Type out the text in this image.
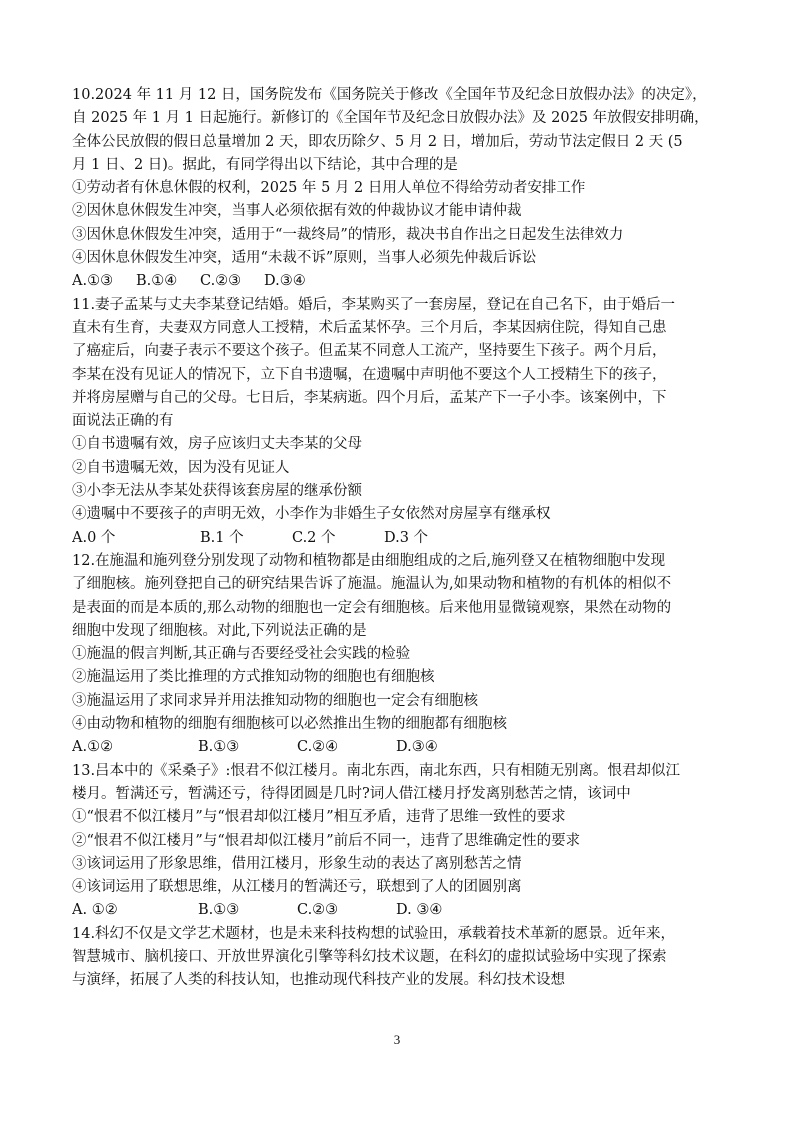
10.2024 年 11 月 12 日，国务院发布《国务院关于修改《全国年节及纪念日放假办法》的决定》，
自 2025 年 1 月 1 日起施行。新修订的《全国年节及纪念日放假办法》及 2025 年放假安排明确，
全体公民放假的假日总量增加 2 天，即农历除夕、5 月 2 日，增加后，劳动节法定假日 2 天 (5
月 1 日、2 日)。据此，有同学得出以下结论，其中合理的是
①劳动者有休息休假的权利，2025 年 5 月 2 日用人单位不得给劳动者安排工作
②因休息休假发生冲突，当事人必须依据有效的仲裁协议才能申请仲裁
③因休息休假发生冲突，适用于“一裁终局”的情形，裁决书自作出之日起发生法律效力
④因休息休假发生冲突，适用“未裁不诉”原则，当事人必须先仲裁后诉讼
A.①③	B.①④	C.②③	D.③④
11.妻子孟某与丈夫李某登记结婚。婚后，李某购买了一套房屋，登记在自己名下，由于婚后一
直未有生育，夫妻双方同意人工授精，术后孟某怀孕。三个月后，李某因病住院，得知自己患
了癌症后，向妻子表示不要这个孩子。但孟某不同意人工流产，坚持要生下孩子。两个月后，
李某在没有见证人的情况下，立下自书遗嘱，在遗嘱中声明他不要这个人工授精生下的孩子，
并将房屋赠与自己的父母。七日后，李某病逝。四个月后，孟某产下一子小李。该案例中，下
面说法正确的有
①自书遗嘱有效，房子应该归丈夫李某的父母
②自书遗嘱无效，因为没有见证人
③小李无法从李某处获得该套房屋的继承份额
④遗嘱中不要孩子的声明无效，小李作为非婚生子女依然对房屋享有继承权
A.0 个	B.1 个	C.2 个	D.3 个
12.在施温和施列登分别发现了动物和植物都是由细胞组成的之后,施列登又在植物细胞中发现
了细胞核。施列登把自己的研究结果告诉了施温。施温认为,如果动物和植物的有机体的相似不
是表面的而是本质的,那么动物的细胞也一定会有细胞核。后来他用显微镜观察，果然在动物的
细胞中发现了细胞核。对此,下列说法正确的是
①施温的假言判断,其正确与否要经受社会实践的检验
②施温运用了类比推理的方式推知动物的细胞也有细胞核
③施温运用了求同求异并用法推知动物的细胞也一定会有细胞核
④由动物和植物的细胞有细胞核可以必然推出生物的细胞都有细胞核
A.①②	B.①③	C.②④	D.③④
13.吕本中的《采桑子》:恨君不似江楼月。南北东西，南北东西，只有相随无别离。恨君却似江
楼月。暂满还亏，暂满还亏，待得团圆是几时?词人借江楼月抒发离别愁苦之情，该词中
①“恨君不似江楼月”与“恨君却似江楼月”相互矛盾，违背了思维一致性的要求
②“恨君不似江楼月”与“恨君却似江楼月”前后不同一，违背了思维确定性的要求
③该词运用了形象思维，借用江楼月，形象生动的表达了离别愁苦之情
④该词运用了联想思维，从江楼月的暂满还亏，联想到了人的团圆别离
A. ①②	B.①③	C.②③	D. ③④
14.科幻不仅是文学艺术题材，也是未来科技构想的试验田，承载着技术革新的愿景。近年来，
智慧城市、脑机接口、开放世界演化引擎等科幻技术议题，在科幻的虚拟试验场中实现了探索
与演绎，拓展了人类的科技认知，也推动现代科技产业的发展。科幻技术设想
3
